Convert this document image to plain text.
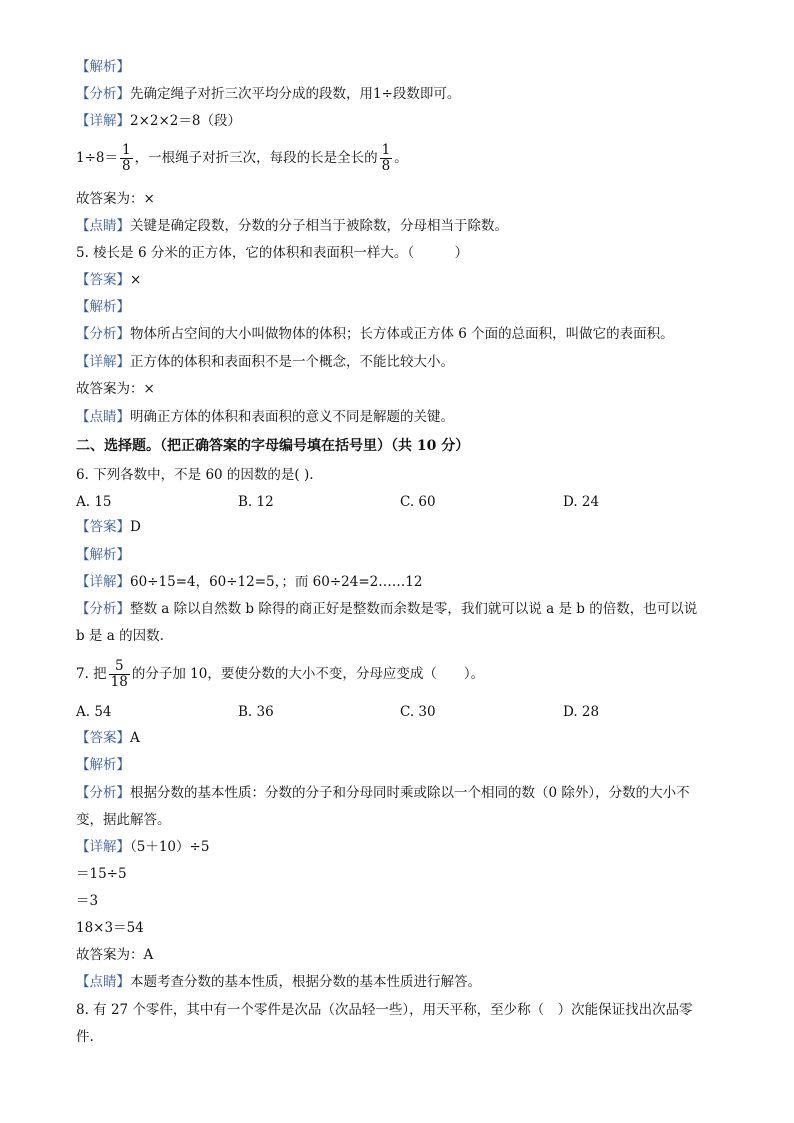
【解析】
【分析】先确定绳子对折三次平均分成的段数，用1÷段数即可。
【详解】2×2×2＝8（段）
$1\div 8= \frac{1}{8}$ ，一根绳子对折三次，每段的长是全长的 $\frac{1}{8}$ 。
故答案为：×
【点睛】关键是确定段数，分数的分子相当于被除数，分母相当于除数。
5. 棱长是 6 分米的正方体，它的体积和表面积一样大。（　　　）
【答案】×
【解析】
【分析】物体所占空间的大小叫做物体的体积；长方体或正方体 6 个面的总面积，叫做它的表面积。
【详解】正方体的体积和表面积不是一个概念，不能比较大小。
故答案为：×
【点睛】明确正方体的体积和表面积的意义不同是解题的关键。
二、选择题。（把正确答案的字母编号填在括号里）（共 10 分）
6. 下列各数中，不是 60 的因数的是( ).
A. 15	B. 12	C. 60	D. 24
【答案】D
【解析】
【详解】60÷15=4，60÷12=5，；而 60÷24=2……12
【分析】整数 a 除以自然数 b 除得的商正好是整数而余数是零，我们就可以说 a 是 b 的倍数，也可以说
b 是 a 的因数.
7. 把 $\frac{5}{18}$ 的分子加 10，要使分数的大小不变，分母应变成（　　）。
A. 54	B. 36	C. 30	D. 28
【答案】A
【解析】
【分析】根据分数的基本性质：分数的分子和分母同时乘或除以一个相同的数（0 除外），分数的大小不
变，据此解答。
【详解】（5＋10）÷5
＝15÷5
＝3
18×3＝54
故答案为：A
【点睛】本题考查分数的基本性质，根据分数的基本性质进行解答。
8. 有 27 个零件，其中有一个零件是次品（次品轻一些），用天平称，至少称（　）次能保证找出次品零
件.
